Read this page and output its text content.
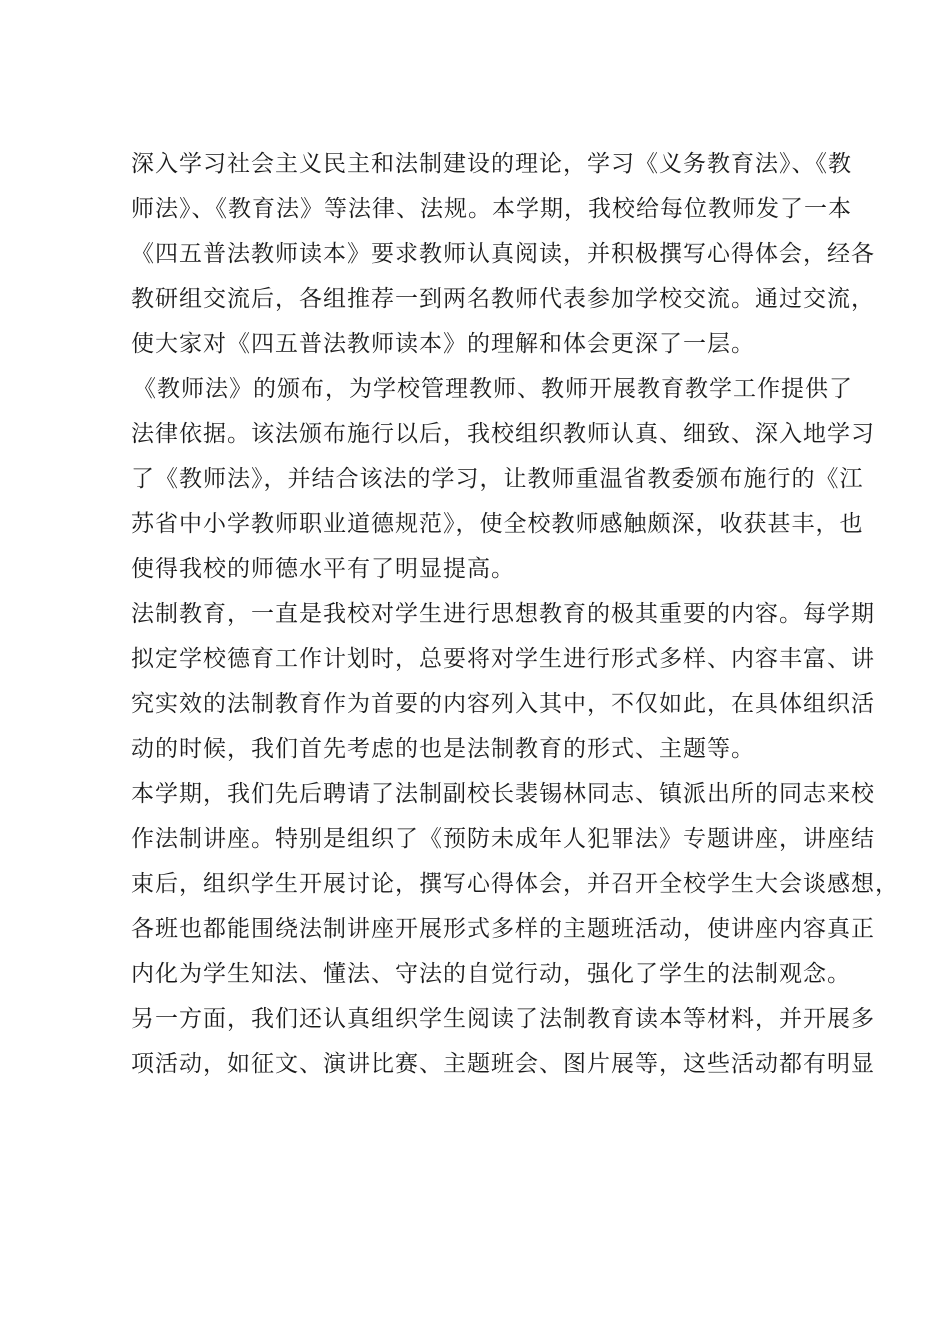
深入学习社会主义民主和法制建设的理论，学习《义务教育法》、《教
师法》、《教育法》等法律、法规。本学期，我校给每位教师发了一本
《四五普法教师读本》要求教师认真阅读，并积极撰写心得体会，经各
教研组交流后，各组推荐一到两名教师代表参加学校交流。通过交流，
使大家对《四五普法教师读本》的理解和体会更深了一层。
《教师法》的颁布，为学校管理教师、教师开展教育教学工作提供了
法律依据。该法颁布施行以后，我校组织教师认真、细致、深入地学习
了《教师法》，并结合该法的学习，让教师重温省教委颁布施行的《江
苏省中小学教师职业道德规范》，使全校教师感触颇深，收获甚丰，也
使得我校的师德水平有了明显提高。
法制教育，一直是我校对学生进行思想教育的极其重要的内容。每学期
拟定学校德育工作计划时，总要将对学生进行形式多样、内容丰富、讲
究实效的法制教育作为首要的内容列入其中，不仅如此，在具体组织活
动的时候，我们首先考虑的也是法制教育的形式、主题等。
本学期，我们先后聘请了法制副校长裴锡林同志、镇派出所的同志来校
作法制讲座。特别是组织了《预防未成年人犯罪法》专题讲座，讲座结
束后，组织学生开展讨论，撰写心得体会，并召开全校学生大会谈感想，
各班也都能围绕法制讲座开展形式多样的主题班活动，使讲座内容真正
内化为学生知法、懂法、守法的自觉行动，强化了学生的法制观念。
另一方面，我们还认真组织学生阅读了法制教育读本等材料，并开展多
项活动，如征文、演讲比赛、主题班会、图片展等，这些活动都有明显
